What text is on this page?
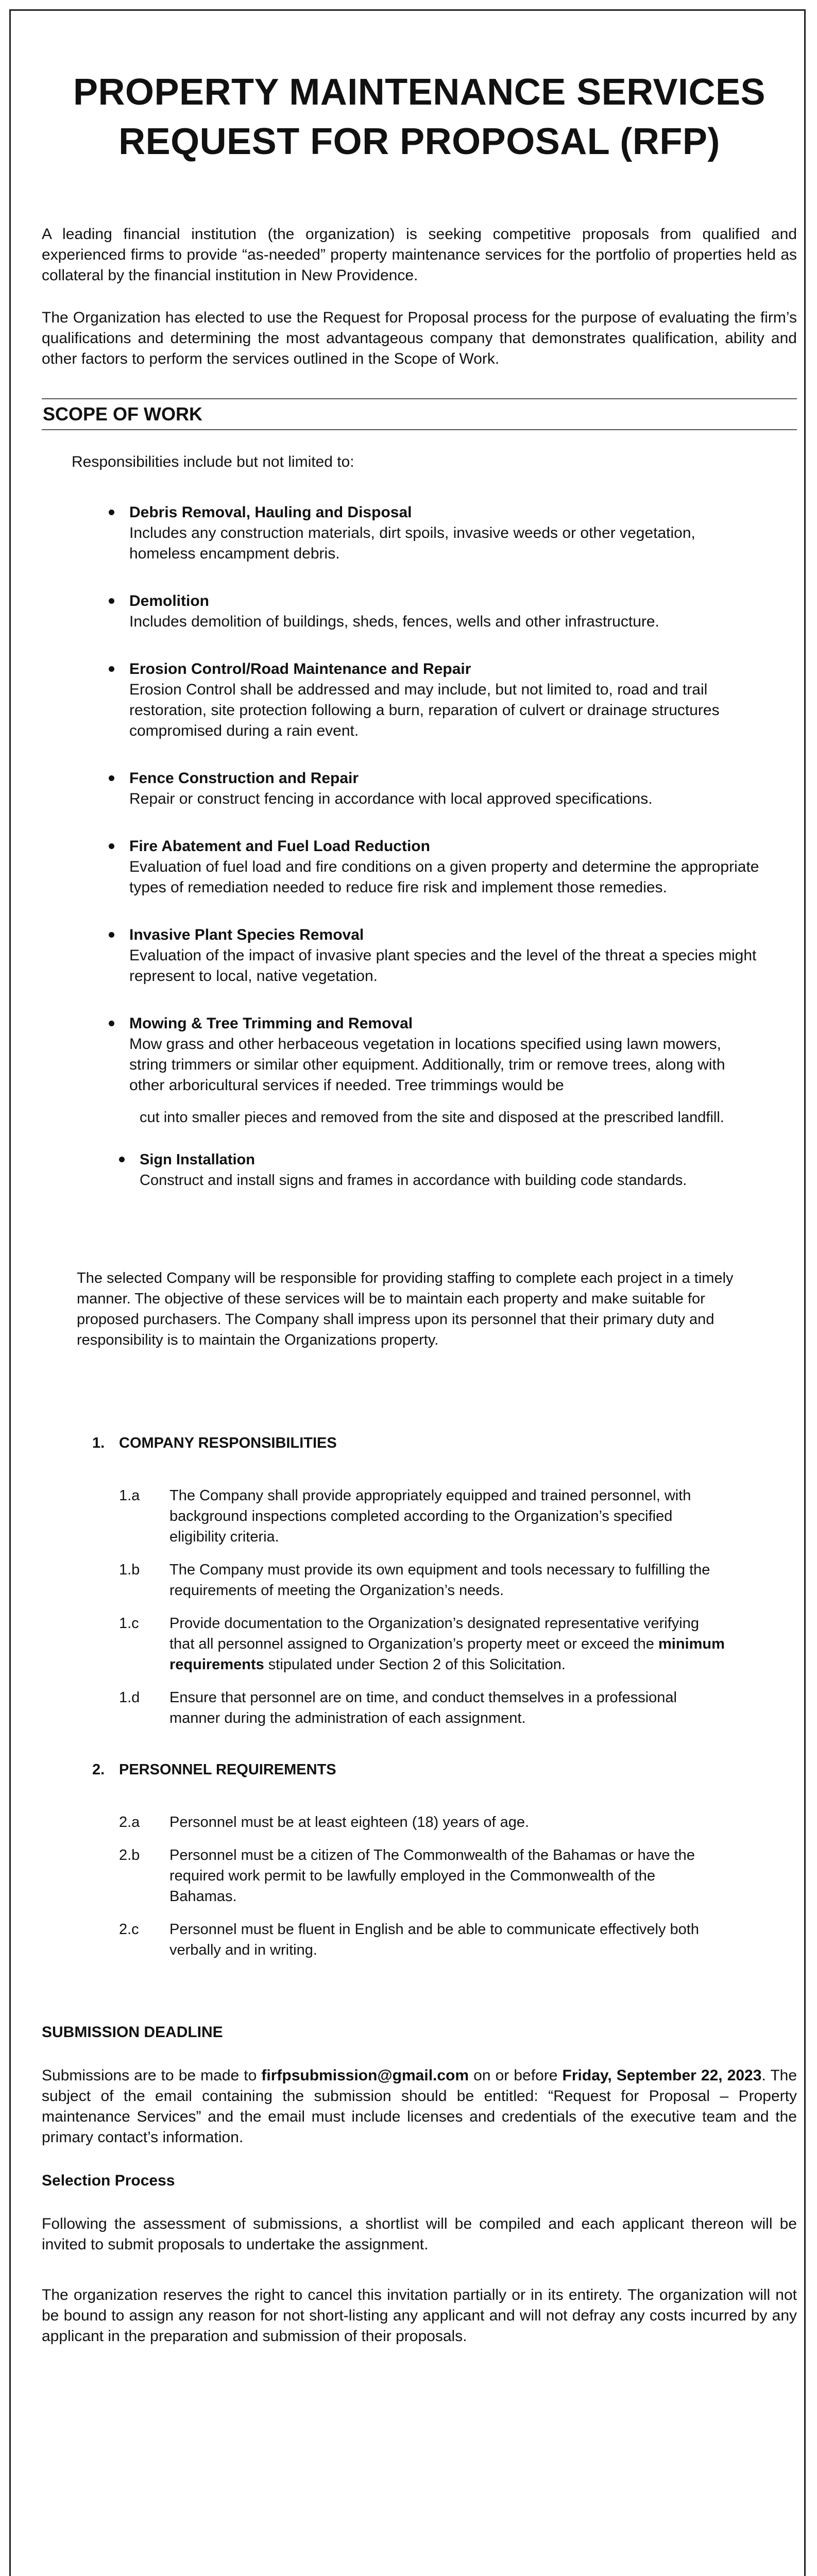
PROPERTY MAINTENANCE SERVICES
REQUEST FOR PROPOSAL (RFP)

A leading financial institution (the organization) is seeking competitive proposals from qualified and experienced firms to provide “as-needed” property maintenance services for the portfolio of properties held as collateral by the financial institution in New Providence.

The Organization has elected to use the Request for Proposal process for the purpose of evaluating the firm’s qualifications and determining the most advantageous company that demonstrates qualification, ability and other factors to perform the services outlined in the Scope of Work.

SCOPE OF WORK
Responsibilities include but not limited to:
Debris Removal, Hauling and Disposal
Includes any construction materials, dirt spoils, invasive weeds or other vegetation, homeless encampment debris.
Demolition
Includes demolition of buildings, sheds, fences, wells and other infrastructure.
Erosion Control/Road Maintenance and Repair
Erosion Control shall be addressed and may include, but not limited to, road and trail restoration, site protection following a burn, reparation of culvert or drainage structures compromised during a rain event.
Fence Construction and Repair
Repair or construct fencing in accordance with local approved specifications.
Fire Abatement and Fuel Load Reduction
Evaluation of fuel load and fire conditions on a given property and determine the appropriate types of remediation needed to reduce fire risk and implement those remedies.
Invasive Plant Species Removal
Evaluation of the impact of invasive plant species and the level of the threat a species might represent to local, native vegetation.
Mowing & Tree Trimming and Removal
Mow grass and other herbaceous vegetation in locations specified using lawn mowers, string trimmers or similar other equipment. Additionally, trim or remove trees, along with other arboricultural services if needed. Tree trimmings would be
cut into smaller pieces and removed from the site and disposed at the prescribed landfill.
Sign Installation
Construct and install signs and frames in accordance with building code standards.
The selected Company will be responsible for providing staffing to complete each project in a timely manner. The objective of these services will be to maintain each property and make suitable for proposed purchasers. The Company shall impress upon its personnel that their primary duty and responsibility is to maintain the Organizations property.
1. COMPANY RESPONSIBILITIES
1.a The Company shall provide appropriately equipped and trained personnel, with background inspections completed according to the Organization’s specified eligibility criteria.
1.b The Company must provide its own equipment and tools necessary to fulfilling the requirements of meeting the Organization’s needs.
1.c Provide documentation to the Organization’s designated representative verifying that all personnel assigned to Organization’s property meet or exceed the minimum requirements stipulated under Section 2 of this Solicitation.
1.d Ensure that personnel are on time, and conduct themselves in a professional manner during the administration of each assignment.
2. PERSONNEL REQUIREMENTS
2.a Personnel must be at least eighteen (18) years of age.
2.b Personnel must be a citizen of The Commonwealth of the Bahamas or have the required work permit to be lawfully employed in the Commonwealth of the Bahamas.
2.c Personnel must be fluent in English and be able to communicate effectively both verbally and in writing.
SUBMISSION DEADLINE

Submissions are to be made to firfpsubmission@gmail.com on or before Friday, September 22, 2023. The subject of the email containing the submission should be entitled: “Request for Proposal – Property maintenance Services” and the email must include licenses and credentials of the executive team and the primary contact’s information.

Selection Process

Following the assessment of submissions, a shortlist will be compiled and each applicant thereon will be invited to submit proposals to undertake the assignment.

The organization reserves the right to cancel this invitation partially or in its entirety. The organization will not be bound to assign any reason for not short-listing any applicant and will not defray any costs incurred by any applicant in the preparation and submission of their proposals.
